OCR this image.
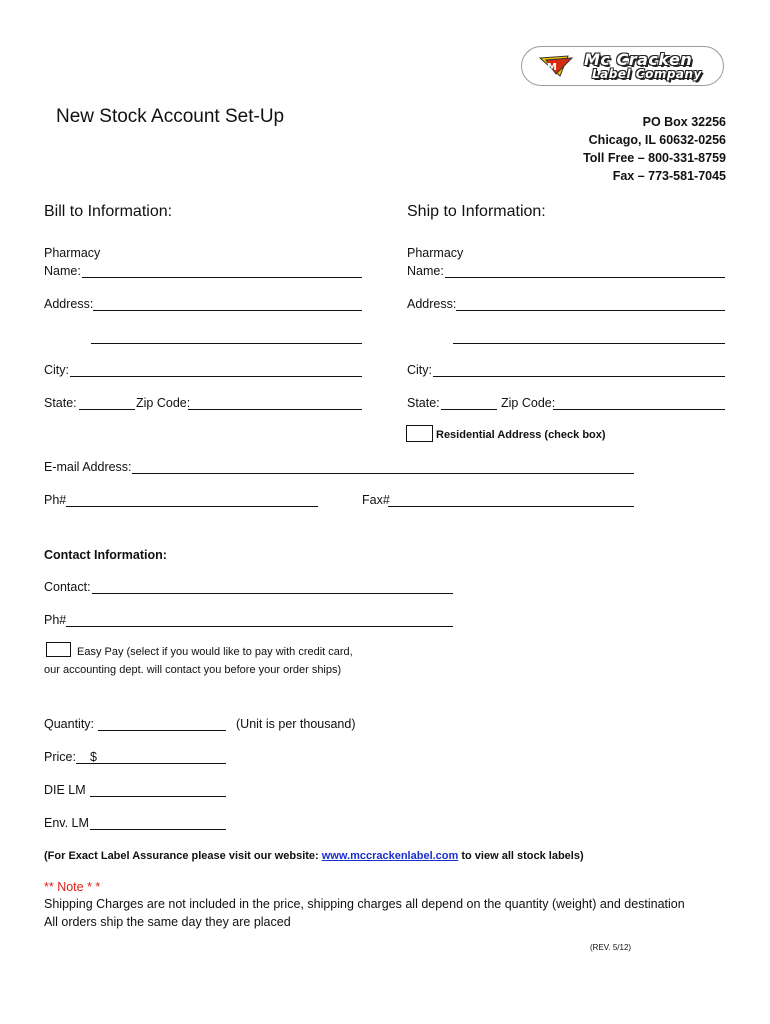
M Mc Cracken
Label Company
New Stock Account Set-Up	PO Box 32256
Chicago, IL 60632-0256
Toll Free – 800-331-8759
Fax – 773-581-7045
Bill to Information:	Ship to Information:
Pharmacy
Name:
Address:
City:
State:	Zip Code:
Pharmacy
Name:
Address:
City:
State:	Zip Code:
Residential Address (check box)
E-mail Address:
Ph#	Fax#
Contact Information:
Contact:
Ph#
Easy Pay (select if you would like to pay with credit card,
our accounting dept. will contact you before your order ships)
Quantity:	(Unit is per thousand)
Price: $
DIE LM
Env. LM
(For Exact Label Assurance please visit our website: www.mccrackenlabel.com to view all stock labels)
** Note * *
Shipping Charges are not included in the price, shipping charges all depend on the quantity (weight) and destination
All orders ship the same day they are placed
(REV. 5/12)
